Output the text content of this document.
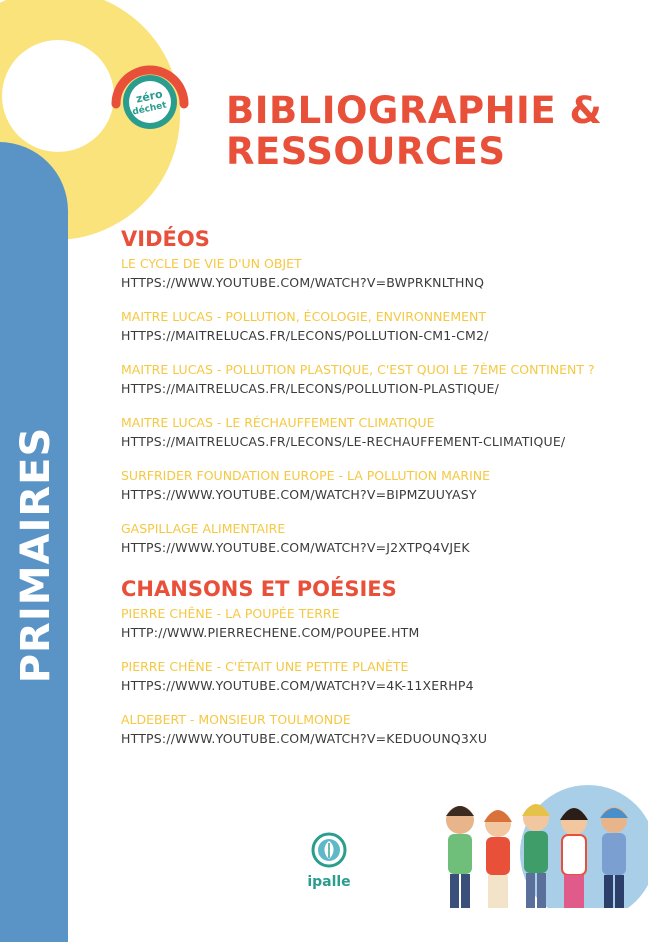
PRIMAIRES
zéro
déchet BIBLIOGRAPHIE &
RESSOURCES
VIDÉOS
LE CYCLE DE VIE D'UN OBJET
HTTPS://WWW.YOUTUBE.COM/WATCH?V=BWPRKNLTHNQ
MAITRE LUCAS - POLLUTION, ÉCOLOGIE, ENVIRONNEMENT
HTTPS://MAITRELUCAS.FR/LECONS/POLLUTION-CM1-CM2/
MAITRE LUCAS - POLLUTION PLASTIQUE, C'EST QUOI LE 7ÈME CONTINENT ?
HTTPS://MAITRELUCAS.FR/LECONS/POLLUTION-PLASTIQUE/
MAITRE LUCAS - LE RÉCHAUFFEMENT CLIMATIQUE
HTTPS://MAITRELUCAS.FR/LECONS/LE-RECHAUFFEMENT-CLIMATIQUE/
SURFRIDER FOUNDATION EUROPE - LA POLLUTION MARINE
HTTPS://WWW.YOUTUBE.COM/WATCH?V=BIPMZUUYASY
GASPILLAGE ALIMENTAIRE
HTTPS://WWW.YOUTUBE.COM/WATCH?V=J2XTPQ4VJEK
CHANSONS ET POÉSIES
PIERRE CHÊNE - LA POUPÉE TERRE
HTTP://WWW.PIERRECHENE.COM/POUPEE.HTM
PIERRE CHÊNE - C'ÉTAIT UNE PETITE PLANÈTE
HTTPS://WWW.YOUTUBE.COM/WATCH?V=4K-11XERHP4
ALDEBERT - MONSIEUR TOULMONDE
HTTPS://WWW.YOUTUBE.COM/WATCH?V=KEDUOUNQ3XU
ipalle
